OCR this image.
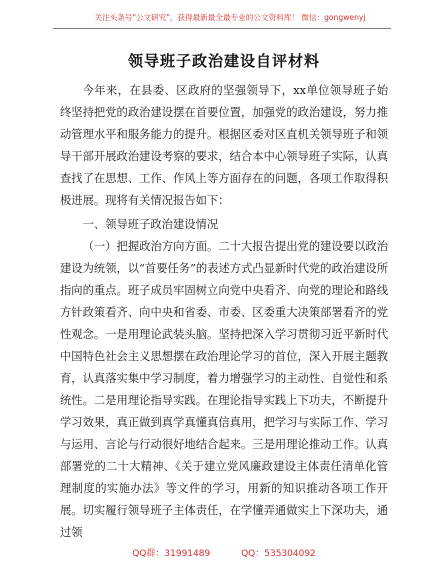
关注头条号"公文研究"，获得最新最全最专业的公文资料库！ 微信：gongwenyj
领导班子政治建设自评材料

今年来，在县委、区政府的坚强领导下，xx单位领导班子始终坚持把党的政治建设摆在首要位置，加强党的政治建设，努力推动管理水平和服务能力的提升。根据区委对区直机关领导班子和领导干部开展政治建设考察的要求，结合本中心领导班子实际，认真查找了在思想、工作、作风上等方面存在的问题，各项工作取得积极进展。现将有关情况报告如下：

一、领导班子政治建设情况

（一）把握政治方向方面。二十大报告提出党的建设要以政治建设为统领，以“首要任务”的表述方式凸显新时代党的政治建设所指向的重点。班子成员牢固树立向党中央看齐、向党的理论和路线方针政策看齐、向中央和省委、市委、区委重大决策部署看齐的党性观念。一是用理论武装头脑。坚持把深入学习贯彻习近平新时代中国特色社会主义思想摆在政治理论学习的首位，深入开展主题教育，认真落实集中学习制度，着力增强学习的主动性、自觉性和系统性。二是用理论指导实践。在理论指导实践上下功夫，不断提升学习效果，真正做到真学真懂真信真用，把学习与实际工作、学习与运用、言论与行动很好地结合起来。三是用理论推动工作。认真部署党的二十大精神、《关于建立党风廉政建设主体责任清单化管理制度的实施办法》等文件的学习，用新的知识推动各项工作开展。切实履行领导班子主体责任，在学懂弄通做实上下深功夫，通过领

QQ群：31991489	QQ：535304092
